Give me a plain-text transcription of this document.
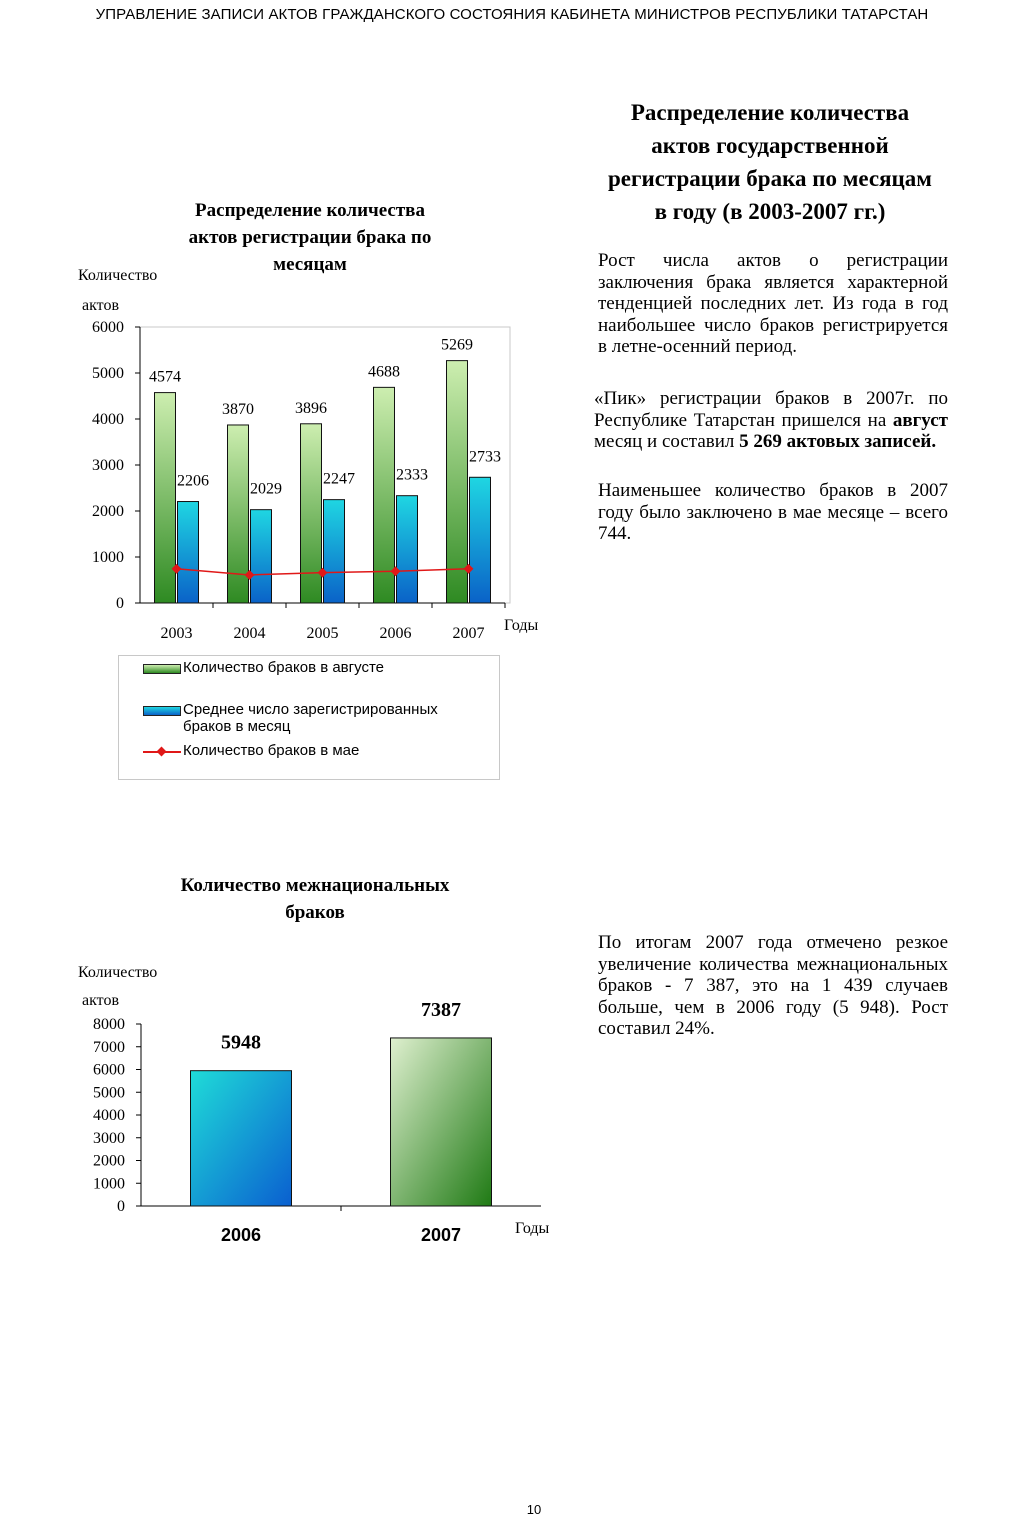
УПРАВЛЕНИЕ ЗАПИСИ АКТОВ ГРАЖДАНСКОГО СОСТОЯНИЯ КАБИНЕТА МИНИСТРОВ РЕСПУБЛИКИ ТАТАРСТАН
Распределение количества
актов государственной
регистрации брака по месяцам
в году (в 2003-2007 гг.)

Рост числа актов о регистрации заключения брака является характерной тенденцией последних лет. Из года в год наибольшее число браков регистрируется в летне-осенний период.

«Пик» регистрации браков в 2007г. по Республике Татарстан пришелся на август месяц и составил 5 269 актовых записей.

Наименьшее количество браков в 2007 году было заключено в мае месяце – всего 744.

Распределение количества
актов регистрации брака по
месяцам
Количество
актов
0
1000
2000
3000
4000
5000
6000
2003	2004	2005	2006	2007
4574
2206
3870
2029
3896
2247
4688
2333
5269
2733
Годы
Количество браков в августе
Среднее число зарегистрированных
браков в месяц
Количество браков в мае
Количество межнациональных
браков
Количество
актов
0
1000
2000
3000
4000
5000
6000
7000
8000
2006	2007
5948
7387
Годы

По итогам 2007 года отмечено резкое увеличение количества межнациональных браков - 7 387, это на 1 439 случаев больше, чем в 2006 году (5 948). Рост составил 24%.

10
